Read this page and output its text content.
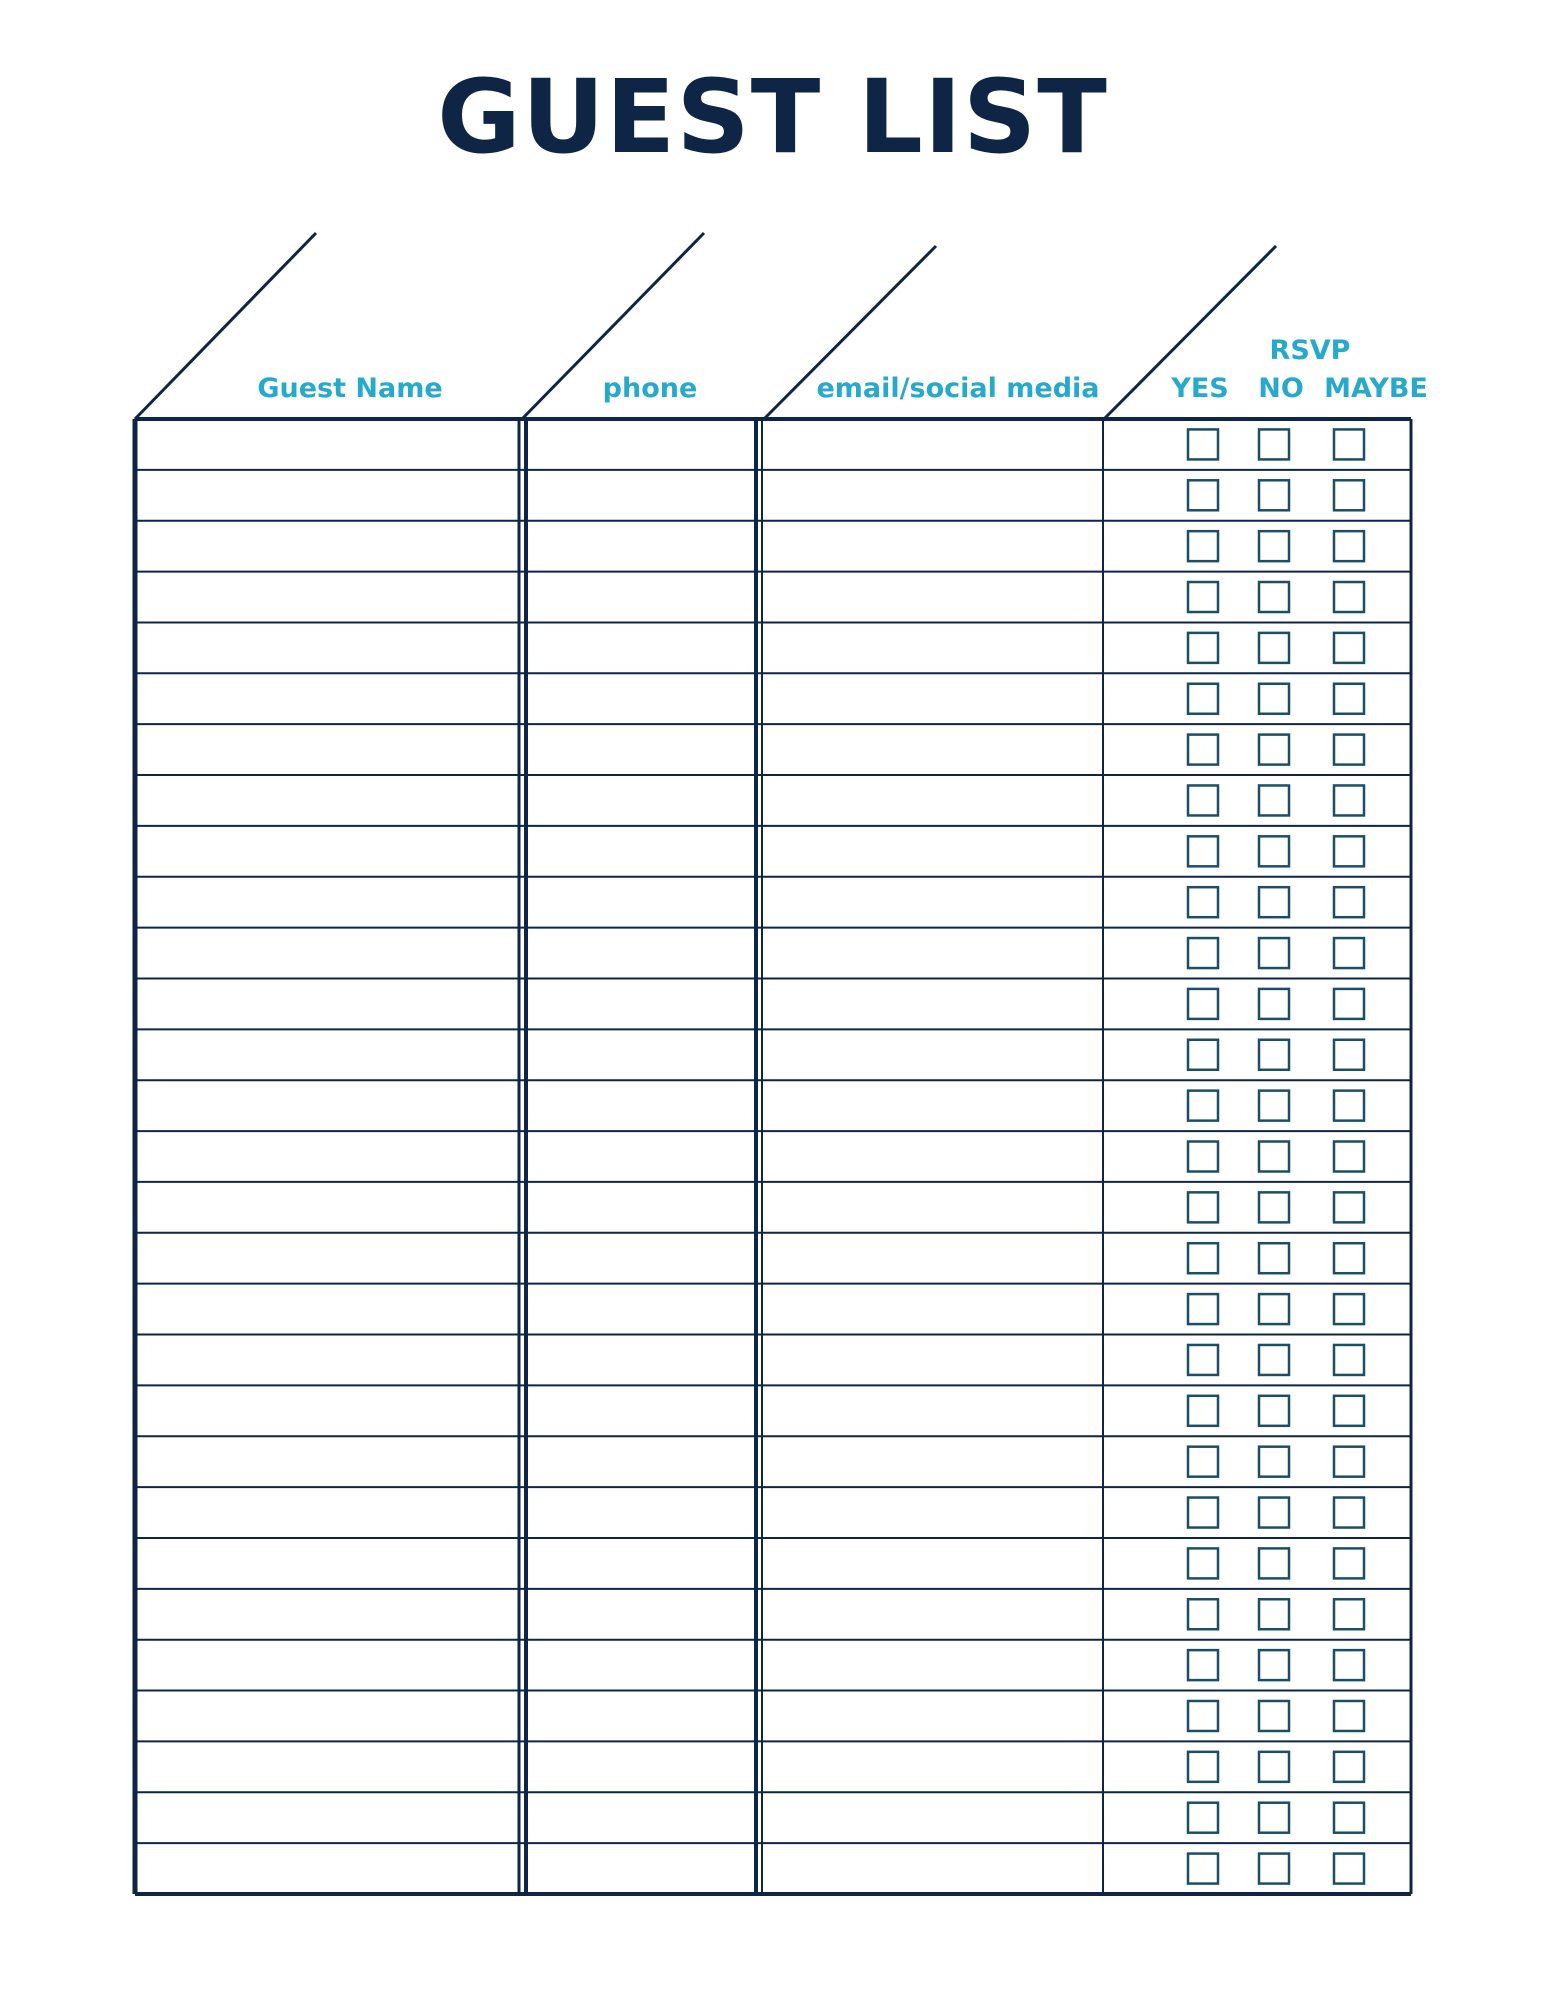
GUEST LIST
Guest Name	phone	email/social media
RSVP
YES	NO MAYBE
